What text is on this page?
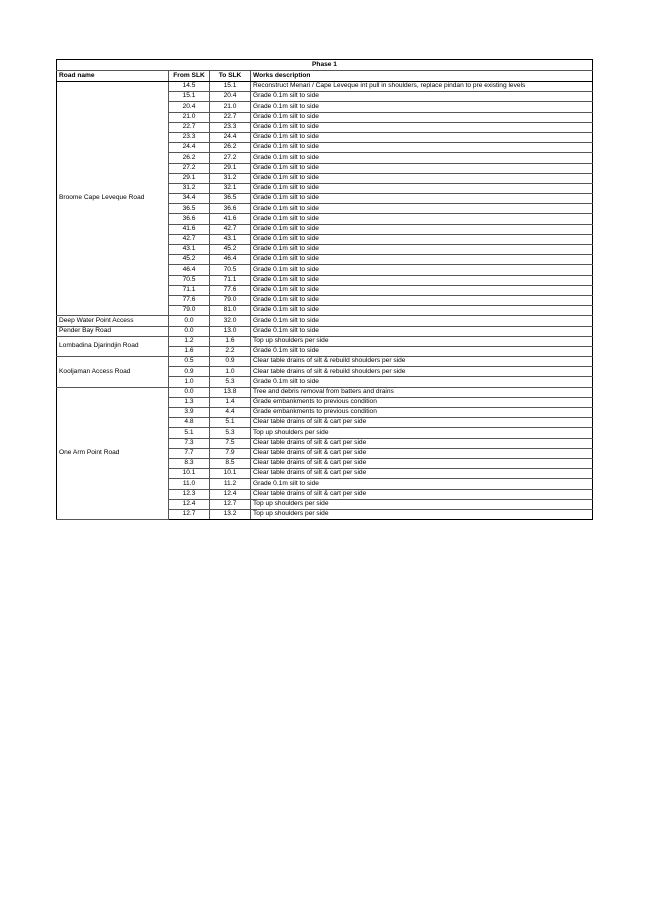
Phase 1			
Road name	From SLK	To SLK	Works description
Broome Cape Leveque Road	14.5	15.1	Reconstruct Menari / Cape Leveque int pull in shoulders, replace pindan to pre existing levels
	15.1	20.4	Grade 0.1m silt to side
	20.4	21.0	Grade 0.1m silt to side
	21.0	22.7	Grade 0.1m silt to side
	22.7	23.3	Grade 0.1m silt to side
	23.3	24.4	Grade 0.1m silt to side
	24.4	26.2	Grade 0.1m silt to side
	26.2	27.2	Grade 0.1m silt to side
	27.2	29.1	Grade 0.1m silt to side
	29.1	31.2	Grade 0.1m silt to side
	31.2	32.1	Grade 0.1m silt to side
	34.4	36.5	Grade 0.1m silt to side
	36.5	36.6	Grade 0.1m silt to side
	36.6	41.6	Grade 0.1m silt to side
	41.6	42.7	Grade 0.1m silt to side
	42.7	43.1	Grade 0.1m silt to side
	43.1	45.2	Grade 0.1m silt to side
	45.2	46.4	Grade 0.1m silt to side
	46.4	70.5	Grade 0.1m silt to side
	70.5	71.1	Grade 0.1m silt to side
	71.1	77.6	Grade 0.1m silt to side
	77.6	79.0	Grade 0.1m silt to side
	79.0	81.0	Grade 0.1m silt to side
Deep Water Point Access	0.0	32.0	Grade 0.1m silt to side
Pender Bay Road	0.0	13.0	Grade 0.1m silt to side
Lombadina Djarindjin Road	1.2	1.6	Top up shoulders per side
	1.6	2.2	Grade 0.1m silt to side
Kooljaman Access Road	0.5	0.9	Clear table drains of silt & rebuild shoulders per side
	0.9	1.0	Clear table drains of silt & rebuild shoulders per side
	1.0	5.3	Grade 0.1m silt to side
One Arm Point Road	0.0	13.8	Tree and debris removal from batters and drains
	1.3	1.4	Grade embankments to previous condition
	3.9	4.4	Grade embankments to previous condition
	4.8	5.1	Clear table drains of silt & cart per side
	5.1	5.3	Top up shoulders per side
	7.3	7.5	Clear table drains of silt & cart per side
	7.7	7.9	Clear table drains of silt & cart per side
	8.3	8.5	Clear table drains of silt & cart per side
	10.1	10.1	Clear table drains of silt & cart per side
	11.0	11.2	Grade 0.1m silt to side
	12.3	12.4	Clear table drains of silt & cart per side
	12.4	12.7	Top up shoulders per side
	12.7	13.2	Top up shoulders per side
